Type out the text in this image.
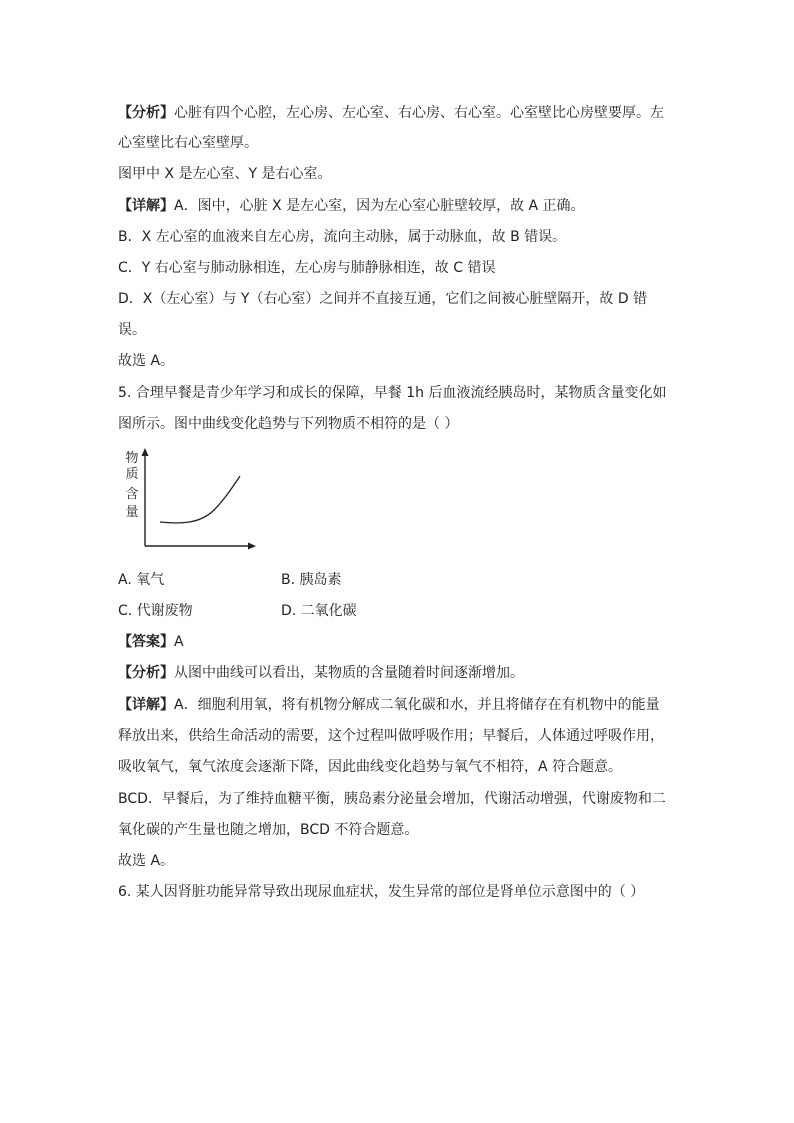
【分析】心脏有四个心腔，左心房、左心室、右心房、右心室。心室壁比心房壁要厚。左
心室壁比右心室壁厚。
图甲中 X 是左心室、Y 是右心室。
【详解】A．图中，心脏 X 是左心室，因为左心室心脏壁较厚，故 A 正确。
B．X 左心室的血液来自左心房，流向主动脉，属于动脉血，故 B 错误。
C．Y 右心室与肺动脉相连，左心房与肺静脉相连，故 C 错误
D．X（左心室）与 Y（右心室）之间并不直接互通，它们之间被心脏壁隔开，故 D 错
误。
故选 A。
5. 合理早餐是青少年学习和成长的保障，早餐 1h 后血液流经胰岛时，某物质含量变化如
图所示。图中曲线变化趋势与下列物质不相符的是（ ）
物
质
含
量
A. 氧气	B. 胰岛素
C. 代谢废物	D. 二氧化碳
【答案】A
【分析】从图中曲线可以看出，某物质的含量随着时间逐渐增加。
【详解】A．细胞利用氧，将有机物分解成二氧化碳和水，并且将储存在有机物中的能量
释放出来，供给生命活动的需要，这个过程叫做呼吸作用；早餐后，人体通过呼吸作用，
吸收氧气，氧气浓度会逐渐下降，因此曲线变化趋势与氧气不相符，A 符合题意。
BCD．早餐后，为了维持血糖平衡，胰岛素分泌量会增加，代谢活动增强，代谢废物和二
氧化碳的产生量也随之增加，BCD 不符合题意。
故选 A。
6. 某人因肾脏功能异常导致出现尿血症状，发生异常的部位是肾单位示意图中的（ ）
